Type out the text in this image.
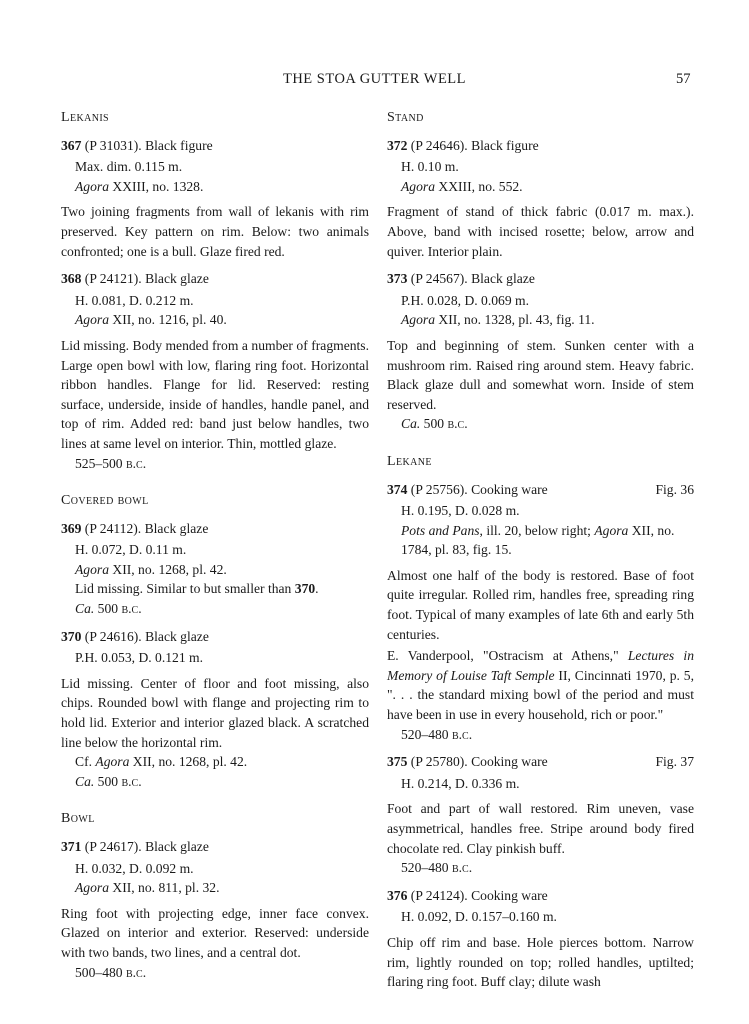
THE STOA GUTTER WELL	57
Lekanis
367 (P 31031). Black figure
Max. dim. 0.115 m.
Agora XXIII, no. 1328.
Two joining fragments from wall of lekanis with rim preserved. Key pattern on rim. Below: two animals confronted; one is a bull. Glaze fired red.
368 (P 24121). Black glaze
H. 0.081, D. 0.212 m.
Agora XII, no. 1216, pl. 40.
Lid missing. Body mended from a number of fragments. Large open bowl with low, flaring ring foot. Horizontal ribbon handles. Flange for lid. Reserved: resting surface, underside, inside of handles, handle panel, and top of rim. Added red: band just below handles, two lines at same level on interior. Thin, mottled glaze.
525–500 b.c.
Covered bowl
369 (P 24112). Black glaze
H. 0.072, D. 0.11 m.
Agora XII, no. 1268, pl. 42.
Lid missing. Similar to but smaller than 370.
Ca. 500 b.c.
370 (P 24616). Black glaze
P.H. 0.053, D. 0.121 m.
Lid missing. Center of floor and foot missing, also chips. Rounded bowl with flange and projecting rim to hold lid. Exterior and interior glazed black. A scratched line below the horizontal rim.
Cf. Agora XII, no. 1268, pl. 42.
Ca. 500 b.c.
Bowl
371 (P 24617). Black glaze
H. 0.032, D. 0.092 m.
Agora XII, no. 811, pl. 32.
Ring foot with projecting edge, inner face convex. Glazed on interior and exterior. Reserved: underside with two bands, two lines, and a central dot.
500–480 b.c.
Stand
372 (P 24646). Black figure
H. 0.10 m.
Agora XXIII, no. 552.
Fragment of stand of thick fabric (0.017 m. max.). Above, band with incised rosette; below, arrow and quiver. Interior plain.
373 (P 24567). Black glaze
P.H. 0.028, D. 0.069 m.
Agora XII, no. 1328, pl. 43, fig. 11.
Top and beginning of stem. Sunken center with a mushroom rim. Raised ring around stem. Heavy fabric. Black glaze dull and somewhat worn. Inside of stem reserved.
Ca. 500 b.c.
Lekane
374 (P 25756). Cooking ware	Fig. 36
H. 0.195, D. 0.028 m.
Pots and Pans, ill. 20, below right; Agora XII, no. 1784, pl. 83, fig. 15.
Almost one half of the body is restored. Base of foot quite irregular. Rolled rim, handles free, spreading ring foot. Typical of many examples of late 6th and early 5th centuries.
E. Vanderpool, "Ostracism at Athens," Lectures in Memory of Louise Taft Semple II, Cincinnati 1970, p. 5, ". . . the standard mixing bowl of the period and must have been in use in every household, rich or poor."
520–480 b.c.
375 (P 25780). Cooking ware	Fig. 37
H. 0.214, D. 0.336 m.
Foot and part of wall restored. Rim uneven, vase asymmetrical, handles free. Stripe around body fired chocolate red. Clay pinkish buff.
520–480 b.c.
376 (P 24124). Cooking ware
H. 0.092, D. 0.157–0.160 m.
Chip off rim and base. Hole pierces bottom. Narrow rim, lightly rounded on top; rolled handles, uptilted; flaring ring foot. Buff clay; dilute wash
